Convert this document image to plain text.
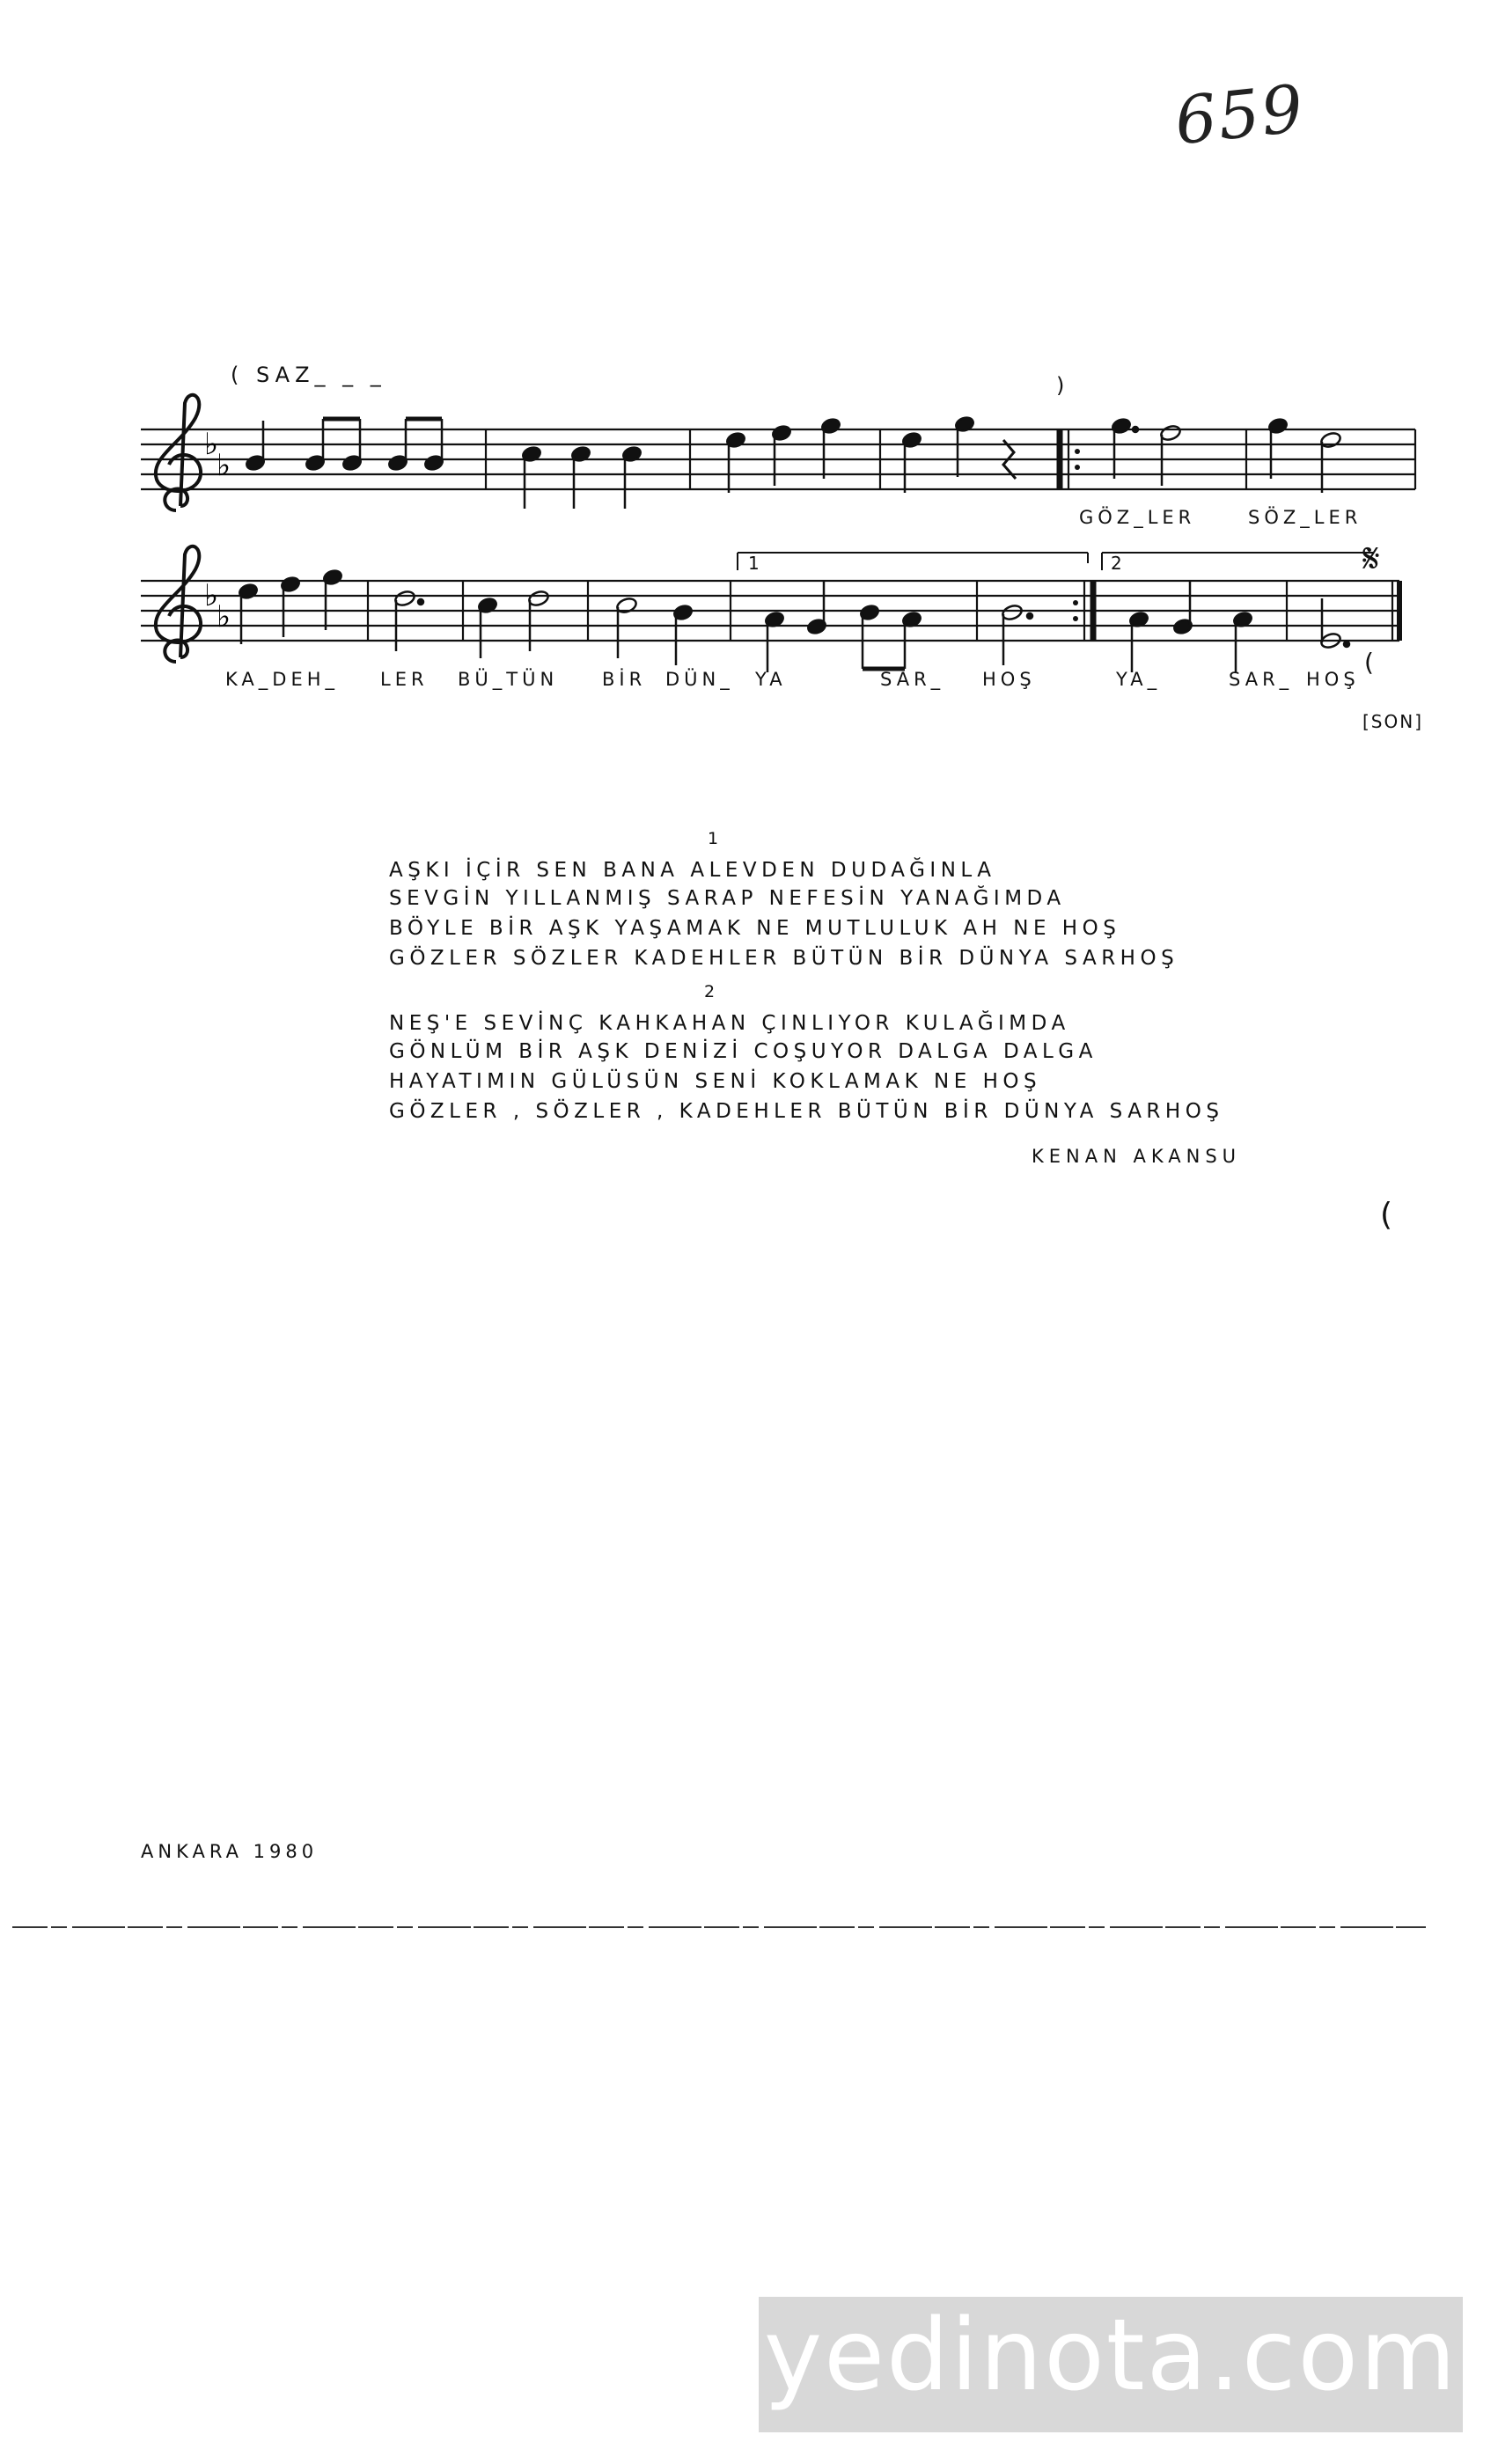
659
( SAZ_ _ _	)
♭
♭
♭
♭
𝄋
(
1	2
GÖZ_LER	SÖZ_LER
KA_DEH_ LER BÜ_TÜN BİR DÜN_ YA	SAR_ HOŞ	YA_	SAR_ HOŞ
[SON]
1
AŞKI İÇİR SEN BANA ALEVDEN DUDAĞINLA
SEVGİN YILLANMIŞ SARAP NEFESİN YANAĞIMDA
BÖYLE BİR AŞK YAŞAMAK NE MUTLULUK AH NE HOŞ
GÖZLER SÖZLER KADEHLER BÜTÜN BİR DÜNYA SARHOŞ
2
NEŞ'E SEVİNÇ KAHKAHAN ÇINLIYOR KULAĞIMDA
GÖNLÜM BİR AŞK DENİZİ COŞUYOR DALGA DALGA
HAYATIMIN GÜLÜSÜN SENİ KOKLAMAK NE HOŞ
GÖZLER , SÖZLER , KADEHLER BÜTÜN BİR DÜNYA SARHOŞ
KENAN AKANSU
(
ANKARA 1980
yedinota.com
